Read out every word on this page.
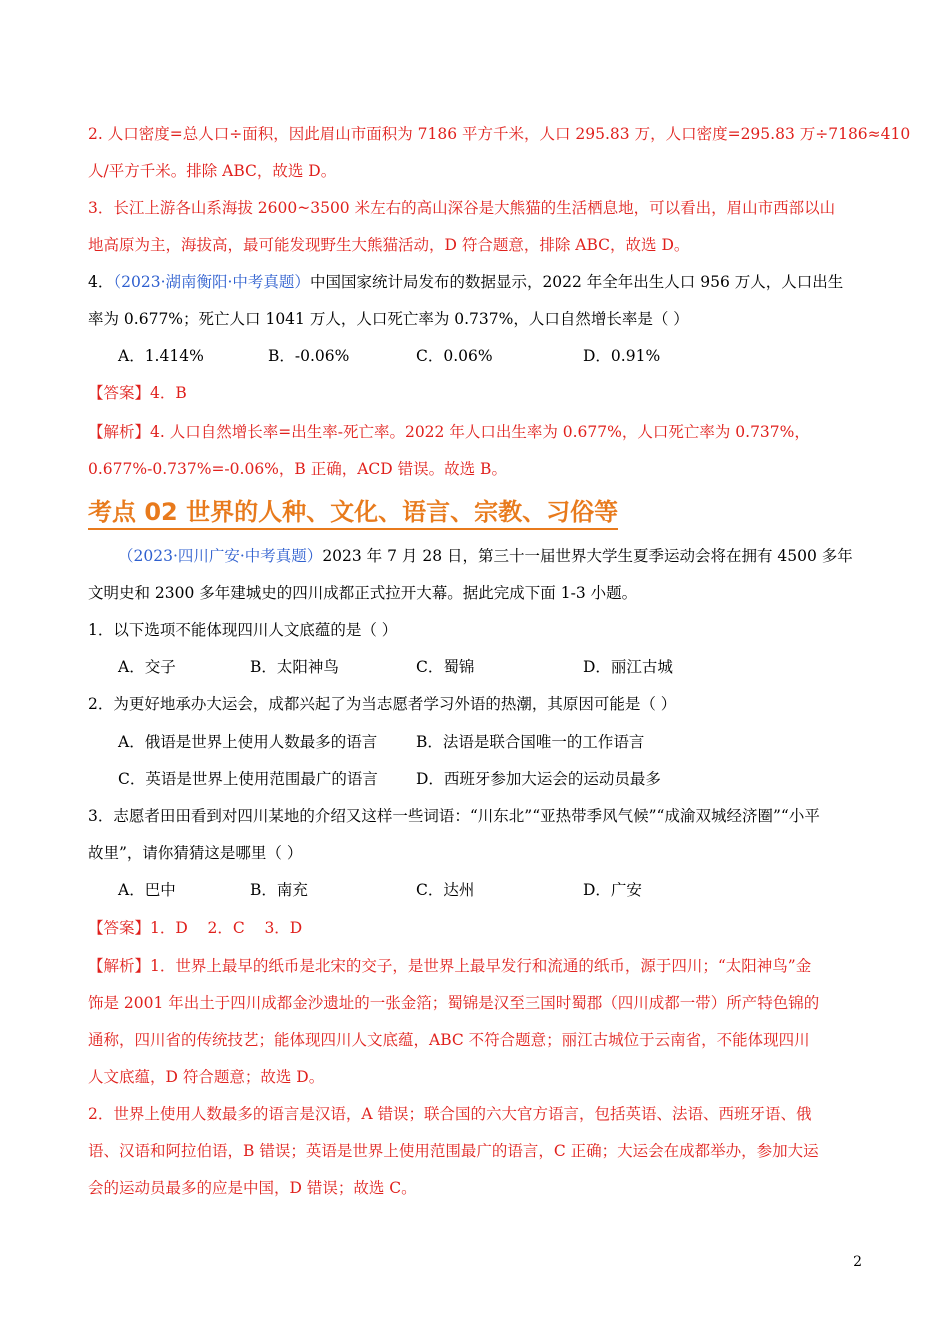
2. 人口密度=总人口÷面积，因此眉山市面积为 7186 平方千米，人口 295.83 万，人口密度=295.83 万÷7186≈410
人/平方千米。排除 ABC，故选 D。
3．长江上游各山系海拔 2600~3500 米左右的高山深谷是大熊猫的生活栖息地，可以看出，眉山市西部以山
地高原为主，海拔高，最可能发现野生大熊猫活动，D 符合题意，排除 ABC，故选 D。
4．（2023·湖南衡阳·中考真题）中国国家统计局发布的数据显示，2022 年全年出生人口 956 万人，人口出生
率为 0.677%；死亡人口 1041 万人，人口死亡率为 0.737%，人口自然增长率是（ ）
A．1.414%	B．-0.06%	C．0.06%	D．0.91%
【答案】4．B
【解析】4. 人口自然增长率=出生率-死亡率。2022 年人口出生率为 0.677%，人口死亡率为 0.737%，
0.677%-0.737%=-0.06%，B 正确，ACD 错误。故选 B。
考点 02 世界的人种、文化、语言、宗教、习俗等
（2023·四川广安·中考真题）2023 年 7 月 28 日，第三十一届世界大学生夏季运动会将在拥有 4500 多年
文明史和 2300 多年建城史的四川成都正式拉开大幕。据此完成下面 1-3 小题。
1．以下选项不能体现四川人文底蕴的是（ ）
A．交子	B．太阳神鸟	C．蜀锦	D．丽江古城
2．为更好地承办大运会，成都兴起了为当志愿者学习外语的热潮，其原因可能是（ ）
A．俄语是世界上使用人数最多的语言	B．法语是联合国唯一的工作语言
C．英语是世界上使用范围最广的语言 D．西班牙参加大运会的运动员最多
3．志愿者田田看到对四川某地的介绍又这样一些词语：“川东北”“亚热带季风气候”“成渝双城经济圈”“小平
故里”，请你猜猜这是哪里（ ）
A．巴中	B．南充	C．达州	D．广安
【答案】1．D    2．C    3．D
【解析】1．世界上最早的纸币是北宋的交子，是世界上最早发行和流通的纸币，源于四川；“太阳神鸟”金
饰是 2001 年出土于四川成都金沙遗址的一张金箔；蜀锦是汉至三国时蜀郡（四川成都一带）所产特色锦的
通称，四川省的传统技艺；能体现四川人文底蕴，ABC 不符合题意；丽江古城位于云南省，不能体现四川
人文底蕴，D 符合题意；故选 D。
2．世界上使用人数最多的语言是汉语，A 错误；联合国的六大官方语言，包括英语、法语、西班牙语、俄
语、汉语和阿拉伯语，B 错误；英语是世界上使用范围最广的语言，C 正确；大运会在成都举办，参加大运
会的运动员最多的应是中国，D 错误；故选 C。
2
